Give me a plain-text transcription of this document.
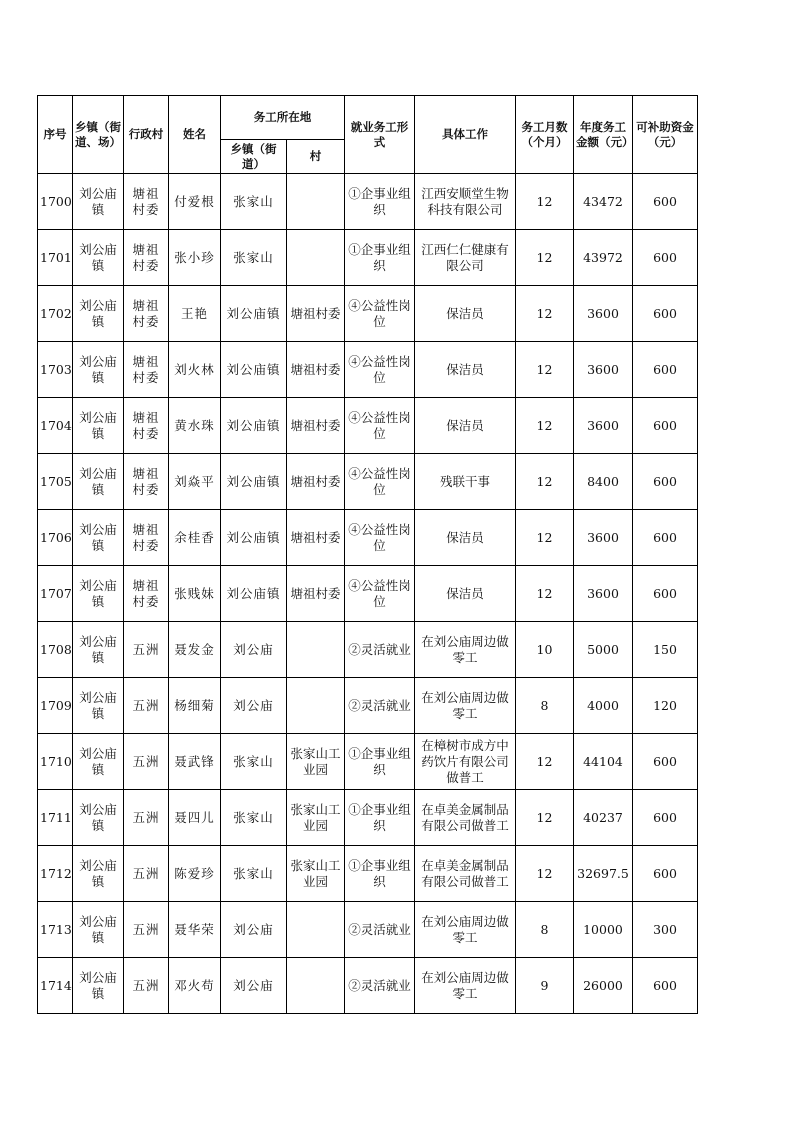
序号	乡镇（街道、场）	行政村	姓名	务工所在地		就业务工形式	具体工作	务工月数（个月）	年度务工金额（元）	可补助资金（元）
				乡镇（街道）	村					
1700	刘公庙镇	塘祖村委	付爱根	张家山		①企事业组织	江西安顺堂生物科技有限公司	12	43472	600
1701	刘公庙镇	塘祖村委	张小珍	张家山		①企事业组织	江西仁仁健康有限公司	12	43972	600
1702	刘公庙镇	塘祖村委	王艳	刘公庙镇	塘祖村委	④公益性岗位	保洁员	12	3600	600
1703	刘公庙镇	塘祖村委	刘火林	刘公庙镇	塘祖村委	④公益性岗位	保洁员	12	3600	600
1704	刘公庙镇	塘祖村委	黄水珠	刘公庙镇	塘祖村委	④公益性岗位	保洁员	12	3600	600
1705	刘公庙镇	塘祖村委	刘焱平	刘公庙镇	塘祖村委	④公益性岗位	残联干事	12	8400	600
1706	刘公庙镇	塘祖村委	余桂香	刘公庙镇	塘祖村委	④公益性岗位	保洁员	12	3600	600
1707	刘公庙镇	塘祖村委	张贱妹	刘公庙镇	塘祖村委	④公益性岗位	保洁员	12	3600	600
1708	刘公庙镇	五洲	聂发金	刘公庙		②灵活就业	在刘公庙周边做零工	10	5000	150
1709	刘公庙镇	五洲	杨细菊	刘公庙		②灵活就业	在刘公庙周边做零工	8	4000	120
1710	刘公庙镇	五洲	聂武锋	张家山	张家山工业园	①企事业组织	在樟树市成方中药饮片有限公司做普工	12	44104	600
1711	刘公庙镇	五洲	聂四儿	张家山	张家山工业园	①企事业组织	在卓美金属制品有限公司做普工	12	40237	600
1712	刘公庙镇	五洲	陈爱珍	张家山	张家山工业园	①企事业组织	在卓美金属制品有限公司做普工	12	32697.5	600
1713	刘公庙镇	五洲	聂华荣	刘公庙		②灵活就业	在刘公庙周边做零工	8	10000	300
1714	刘公庙镇	五洲	邓火苟	刘公庙		②灵活就业	在刘公庙周边做零工	9	26000	600
